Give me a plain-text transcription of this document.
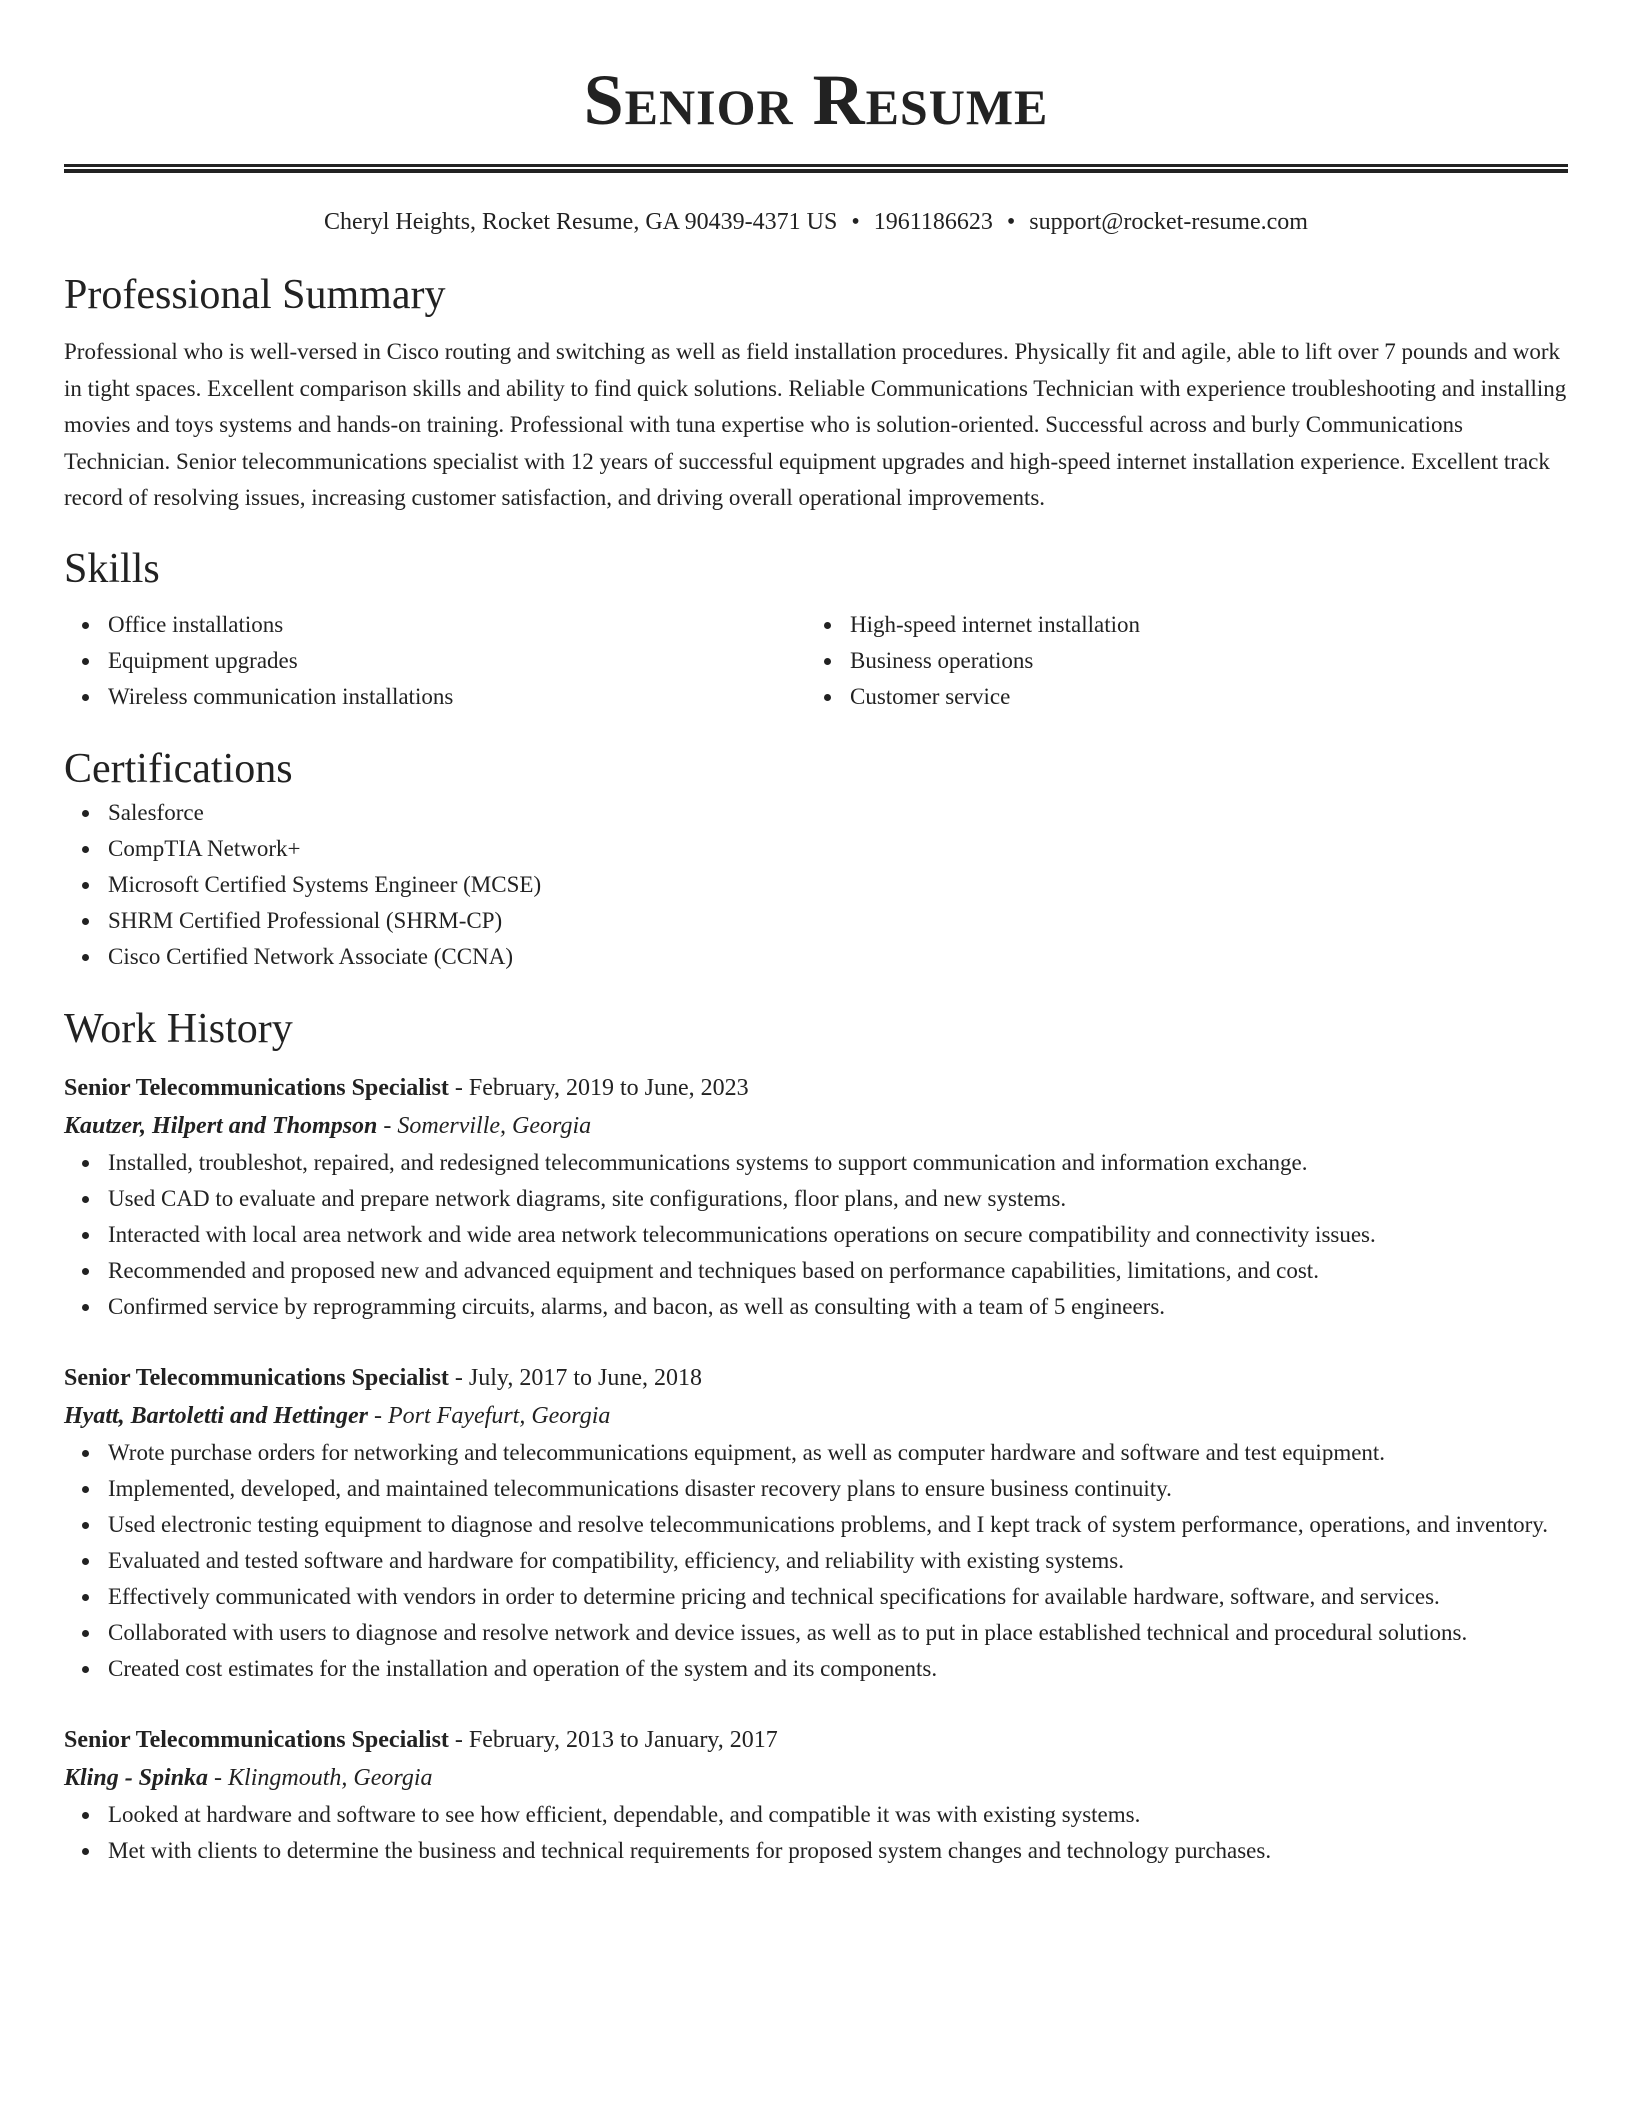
Senior Resume
Cheryl Heights, Rocket Resume, GA 90439-4371 US • 1961186623 • support@rocket-resume.com
Professional Summary

Professional who is well-versed in Cisco routing and switching as well as field installation procedures. Physically fit and agile, able to lift over 7 pounds and work in tight spaces. Excellent comparison skills and ability to find quick solutions. Reliable Communications Technician with experience troubleshooting and installing movies and toys systems and hands-on training. Professional with tuna expertise who is solution-oriented. Successful across and burly Communications Technician. Senior telecommunications specialist with 12 years of successful equipment upgrades and high-speed internet installation experience. Excellent track record of resolving issues, increasing customer satisfaction, and driving overall operational improvements.

Skills
Office installations
Equipment upgrades
Wireless communication installations
High-speed internet installation
Business operations
Customer service
Certifications
Salesforce
CompTIA Network+
Microsoft Certified Systems Engineer (MCSE)
SHRM Certified Professional (SHRM-CP)
Cisco Certified Network Associate (CCNA)
Work History
Senior Telecommunications Specialist - February, 2019 to June, 2023
Kautzer, Hilpert and Thompson - Somerville, Georgia
Installed, troubleshot, repaired, and redesigned telecommunications systems to support communication and information exchange.
Used CAD to evaluate and prepare network diagrams, site configurations, floor plans, and new systems.
Interacted with local area network and wide area network telecommunications operations on secure compatibility and connectivity issues.
Recommended and proposed new and advanced equipment and techniques based on performance capabilities, limitations, and cost.
Confirmed service by reprogramming circuits, alarms, and bacon, as well as consulting with a team of 5 engineers.
Senior Telecommunications Specialist - July, 2017 to June, 2018
Hyatt, Bartoletti and Hettinger - Port Fayefurt, Georgia
Wrote purchase orders for networking and telecommunications equipment, as well as computer hardware and software and test equipment.
Implemented, developed, and maintained telecommunications disaster recovery plans to ensure business continuity.
Used electronic testing equipment to diagnose and resolve telecommunications problems, and I kept track of system performance, operations, and inventory.
Evaluated and tested software and hardware for compatibility, efficiency, and reliability with existing systems.
Effectively communicated with vendors in order to determine pricing and technical specifications for available hardware, software, and services.
Collaborated with users to diagnose and resolve network and device issues, as well as to put in place established technical and procedural solutions.
Created cost estimates for the installation and operation of the system and its components.
Senior Telecommunications Specialist - February, 2013 to January, 2017
Kling - Spinka - Klingmouth, Georgia
Looked at hardware and software to see how efficient, dependable, and compatible it was with existing systems.
Met with clients to determine the business and technical requirements for proposed system changes and technology purchases.
